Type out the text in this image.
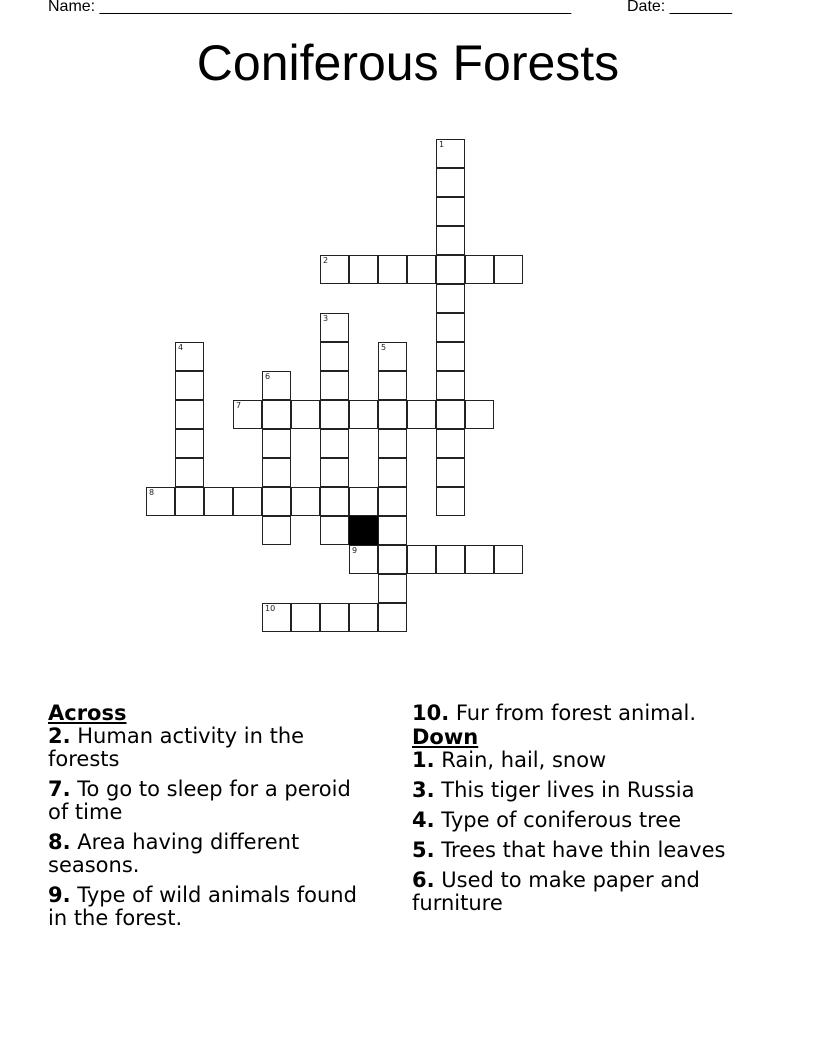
Name: _____________________________________________________	Date: _______
Coniferous Forests
1
2
3
4	5
6
7
8
9
10
Across
2. Human activity in the forests
7. To go to sleep for a peroid of time
8. Area having different seasons.
9. Type of wild animals found in the forest.
10. Fur from forest animal.
Down
1. Rain, hail, snow
3. This tiger lives in Russia
4. Type of coniferous tree
5. Trees that have thin leaves
6. Used to make paper and furniture
